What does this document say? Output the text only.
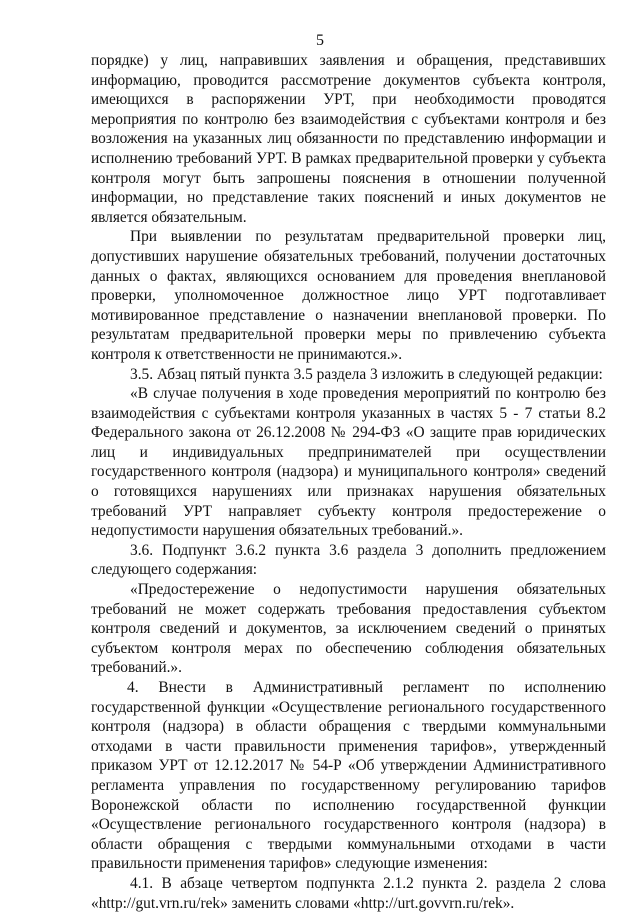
5

порядке) у лиц, направивших заявления и обращения, представивших информацию, проводится рассмотрение документов субъекта контроля, имеющихся в распоряжении УРТ, при необходимости проводятся мероприятия по контролю без взаимодействия с субъектами контроля и без возложения на указанных лиц обязанности по представлению информации и исполнению требований УРТ. В рамках предварительной проверки у субъекта контроля могут быть запрошены пояснения в отношении полученной информации, но представление таких пояснений и иных документов не является обязательным.

При выявлении по результатам предварительной проверки лиц, допустивших нарушение обязательных требований, получении достаточных данных о фактах, являющихся основанием для проведения внеплановой проверки, уполномоченное должностное лицо УРТ подготавливает мотивированное представление о назначении внеплановой проверки. По результатам предварительной проверки меры по привлечению субъекта контроля к ответственности не принимаются.».

3.5. Абзац пятый пункта 3.5 раздела 3 изложить в следующей редакции:

«В случае получения в ходе проведения мероприятий по контролю без взаимодействия с субъектами контроля указанных в частях 5 - 7 статьи 8.2 Федерального закона от 26.12.2008 № 294-ФЗ «О защите прав юридических лиц и индивидуальных предпринимателей при осуществлении государственного контроля (надзора) и муниципального контроля» сведений о готовящихся нарушениях или признаках нарушения обязательных требований УРТ направляет субъекту контроля предостережение о недопустимости нарушения обязательных требований.».

3.6. Подпункт 3.6.2 пункта 3.6 раздела 3 дополнить предложением следующего содержания:

«Предостережение о недопустимости нарушения обязательных требований не может содержать требования предоставления субъектом контроля сведений и документов, за исключением сведений о принятых субъектом контроля мерах по обеспечению соблюдения обязательных требований.».

4. Внести в Административный регламент по исполнению государственной функции «Осуществление регионального государственного контроля (надзора) в области обращения с твердыми коммунальными отходами в части правильности применения тарифов», утвержденный приказом УРТ от 12.12.2017 № 54-Р «Об утверждении Административного регламента управления по государственному регулированию тарифов Воронежской области по исполнению государственной функции «Осуществление регионального государственного контроля (надзора) в области обращения с твердыми коммунальными отходами в части правильности применения тарифов» следующие изменения:

4.1. В абзаце четвертом подпункта 2.1.2 пункта 2. раздела 2 слова «http://gut.vrn.ru/rek» заменить словами «http://urt.govvrn.ru/rek».
